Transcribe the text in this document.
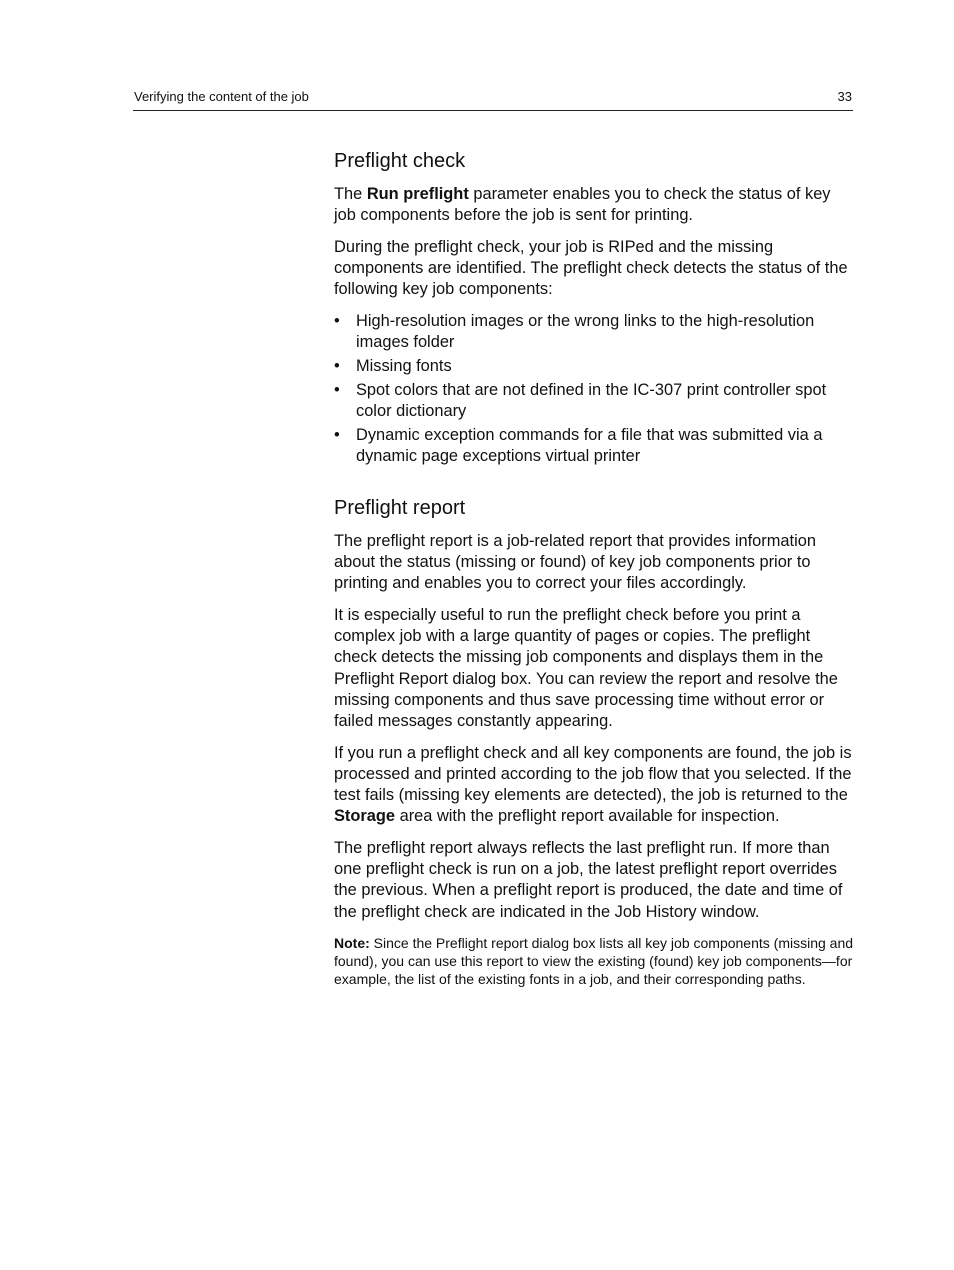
Verifying the content of the job	33
Preflight check

The Run preflight parameter enables you to check the status of key job components before the job is sent for printing.

During the preflight check, your job is RIPed and the missing components are identified. The preflight check detects the status of the following key job components:

• High-resolution images or the wrong links to the high-resolution images folder
• Missing fonts
• Spot colors that are not defined in the IC-307 print controller spot color dictionary
• Dynamic exception commands for a file that was submitted via a dynamic page exceptions virtual printer
Preflight report

The preflight report is a job-related report that provides information about the status (missing or found) of key job components prior to printing and enables you to correct your files accordingly.

It is especially useful to run the preflight check before you print a complex job with a large quantity of pages or copies. The preflight check detects the missing job components and displays them in the Preflight Report dialog box. You can review the report and resolve the missing components and thus save processing time without error or failed messages constantly appearing.

If you run a preflight check and all key components are found, the job is processed and printed according to the job flow that you selected. If the test fails (missing key elements are detected), the job is returned to the Storage area with the preflight report available for inspection.

The preflight report always reflects the last preflight run. If more than one preflight check is run on a job, the latest preflight report overrides the previous. When a preflight report is produced, the date and time of the preflight check are indicated in the Job History window.

Note: Since the Preflight report dialog box lists all key job components (missing and found), you can use this report to view the existing (found) key job components—for example, the list of the existing fonts in a job, and their corresponding paths.
